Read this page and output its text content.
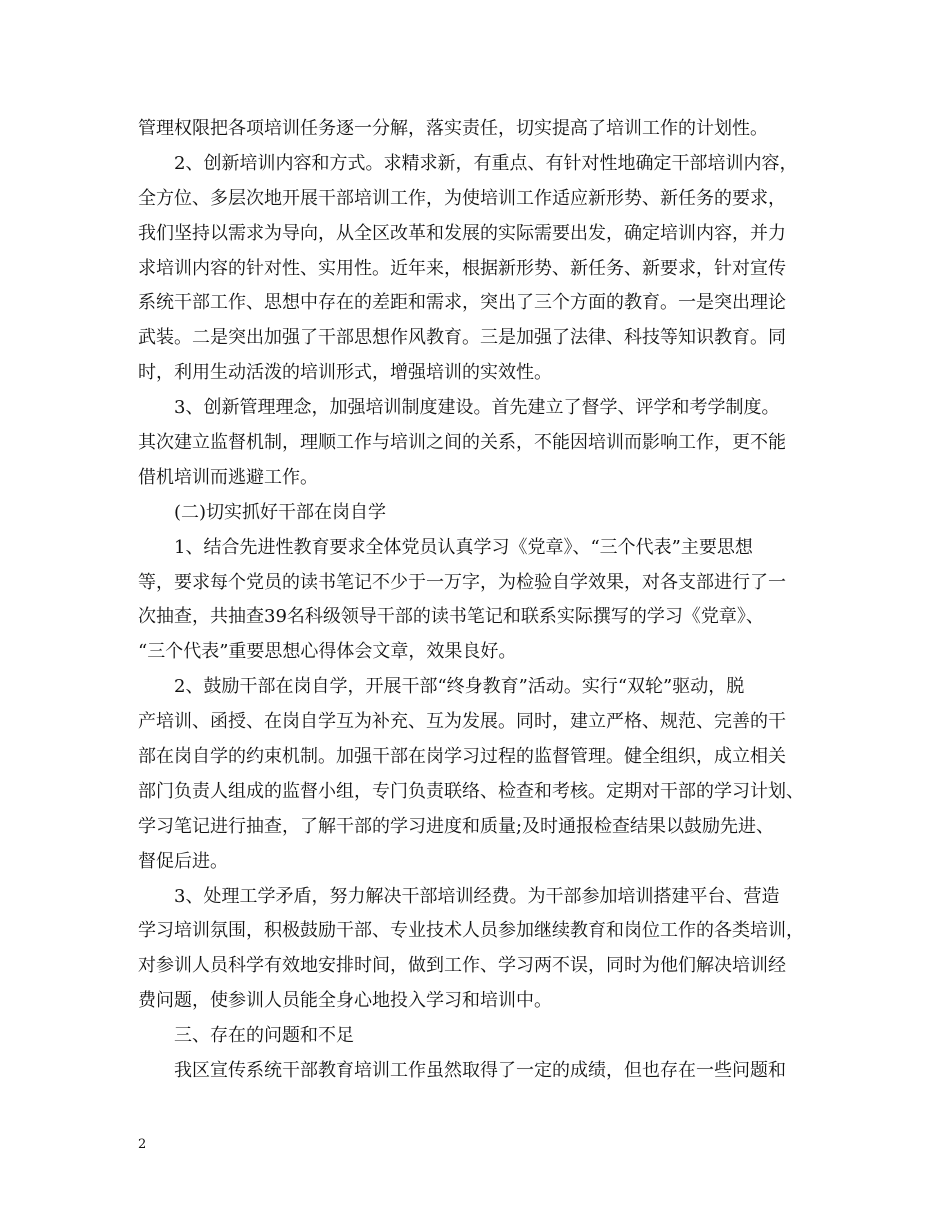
管理权限把各项培训任务逐一分解，落实责任，切实提高了培训工作的计划性。
2、创新培训内容和方式。求精求新，有重点、有针对性地确定干部培训内容，
全方位、多层次地开展干部培训工作，为使培训工作适应新形势、新任务的要求，
我们坚持以需求为导向，从全区改革和发展的实际需要出发，确定培训内容，并力
求培训内容的针对性、实用性。近年来，根据新形势、新任务、新要求，针对宣传
系统干部工作、思想中存在的差距和需求，突出了三个方面的教育。一是突出理论
武装。二是突出加强了干部思想作风教育。三是加强了法律、科技等知识教育。同
时，利用生动活泼的培训形式，增强培训的实效性。
3、创新管理理念，加强培训制度建设。首先建立了督学、评学和考学制度。
其次建立监督机制，理顺工作与培训之间的关系，不能因培训而影响工作，更不能
借机培训而逃避工作。
(二)切实抓好干部在岗自学
1、结合先进性教育要求全体党员认真学习《党章》、“三个代表”主要思想
等，要求每个党员的读书笔记不少于一万字，为检验自学效果，对各支部进行了一
次抽查，共抽查39名科级领导干部的读书笔记和联系实际撰写的学习《党章》、
“三个代表”重要思想心得体会文章，效果良好。
2、鼓励干部在岗自学，开展干部“终身教育”活动。实行“双轮”驱动，脱
产培训、函授、在岗自学互为补充、互为发展。同时，建立严格、规范、完善的干
部在岗自学的约束机制。加强干部在岗学习过程的监督管理。健全组织，成立相关
部门负责人组成的监督小组，专门负责联络、检查和考核。定期对干部的学习计划、
学习笔记进行抽查，了解干部的学习进度和质量;及时通报检查结果以鼓励先进、
督促后进。
3、处理工学矛盾，努力解决干部培训经费。为干部参加培训搭建平台、营造
学习培训氛围，积极鼓励干部、专业技术人员参加继续教育和岗位工作的各类培训，
对参训人员科学有效地安排时间，做到工作、学习两不误，同时为他们解决培训经
费问题，使参训人员能全身心地投入学习和培训中。
三、存在的问题和不足
我区宣传系统干部教育培训工作虽然取得了一定的成绩，但也存在一些问题和
2
